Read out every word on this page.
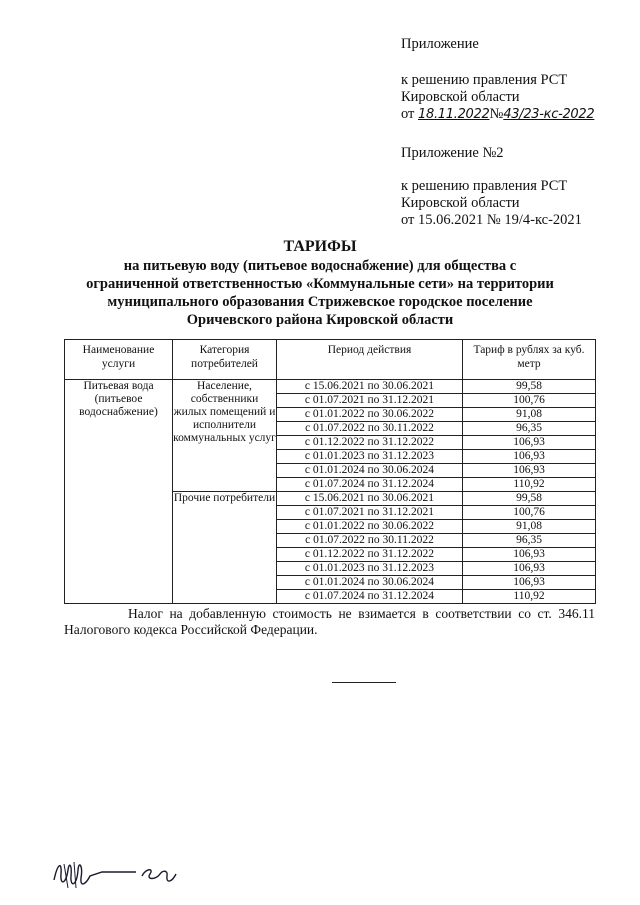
Приложение
к решению правления РСТ
Кировской области
от 18.11.2022№43/23-кс-2022
Приложение №2
к решению правления РСТ
Кировской области
от 15.06.2021 № 19/4-кс-2021
ТАРИФЫ
на питьевую воду (питьевое водоснабжение) для общества с
ограниченной ответственностью «Коммунальные сети» на территории
муниципального образования Стрижевское городское поселение
Оричевского района Кировской области
Наименование услуги	Категория потребителей	Период действия	Тариф в рублях за куб. метр
Питьевая вода (питьевое водоснабжение)	Население, собственники жилых помещений и исполнители коммунальных услуг	с 15.06.2021 по 30.06.2021	99,58
		с 01.07.2021 по 31.12.2021	100,76
		с 01.01.2022 по 30.06.2022	91,08
		с 01.07.2022 по 30.11.2022	96,35
		с 01.12.2022 по 31.12.2022	106,93
		с 01.01.2023 по 31.12.2023	106,93
		с 01.01.2024 по 30.06.2024	106,93
		с 01.07.2024 по 31.12.2024	110,92
	Прочие потребители	с 15.06.2021 по 30.06.2021	99,58
		с 01.07.2021 по 31.12.2021	100,76
		с 01.01.2022 по 30.06.2022	91,08
		с 01.07.2022 по 30.11.2022	96,35
		с 01.12.2022 по 31.12.2022	106,93
		с 01.01.2023 по 31.12.2023	106,93
		с 01.01.2024 по 30.06.2024	106,93
		с 01.07.2024 по 31.12.2024	110,92
Налог на добавленную стоимость не взимается в соответствии со ст. 346.11 Налогового кодекса Российской Федерации.
